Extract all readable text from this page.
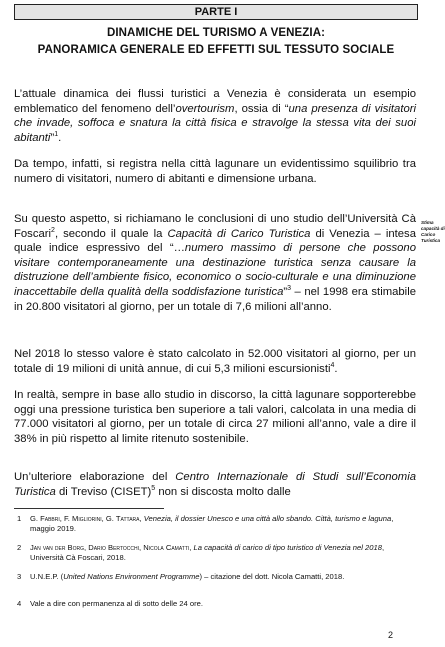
PARTE I
DINAMICHE DEL TURISMO A VENEZIA:
PANORAMICA GENERALE ED EFFETTI SUL TESSUTO SOCIALE

L’attuale dinamica dei flussi turistici a Venezia è considerata un esempio emblematico del fenomeno dell’overtourism, ossia di “una presenza di visitatori che invade, soffoca e snatura la città fisica e stravolge la stessa vita dei suoi abitanti”$^1$.

Da tempo, infatti, si registra nella città lagunare un evidentissimo squilibrio tra numero di visitatori, numero di abitanti e dimensione urbana.

Su questo aspetto, si richiamano le conclusioni di uno studio dell’Università Cà Foscari$^2$, secondo il quale la Capacità di Carico Turistica di Venezia – intesa quale indice espressivo del “…numero massimo di persone che possono visitare contemporaneamente una destinazione turistica senza causare la distruzione dell’ambiente fisico, economico o socio-culturale e una diminuzione inaccettabile della qualità della soddisfazione turistica”$^3$ – nel 1998 era stimabile in 20.800 visitatori al giorno, per un totale di 7,6 milioni all’anno.

Stima capacità di Carico Turistica

Nel 2018 lo stesso valore è stato calcolato in 52.000 visitatori al giorno, per un totale di 19 milioni di unità annue, di cui 5,3 milioni escursionisti$^4$.

In realtà, sempre in base allo studio in discorso, la città lagunare sopporterebbe oggi una pressione turistica ben superiore a tali valori, calcolata in una media di 77.000 visitatori al giorno, per un totale di circa 27 milioni all’anno, vale a dire il 38% in più rispetto al limite ritenuto sostenibile.

Un’ulteriore elaborazione del Centro Internazionale di Studi sull’Economia Turistica di Treviso (CISET)$^5$ non si discosta molto dalle

1 G. Fabbri, F. Migliorini, G. Tattara, Venezia, il dossier Unesco e una città allo sbando. Città, turismo e laguna, maggio 2019.
2 Jan van der Borg, Dario Bertocchi, Nicola Camatti, La capacità di carico di tipo turistico di Venezia nel 2018, Università Cà Foscari, 2018.
3 U.N.E.P. (United Nations Environment Programme) – citazione del dott. Nicola Camatti, 2018.
4 Vale a dire con permanenza al di sotto delle 24 ore.
2
